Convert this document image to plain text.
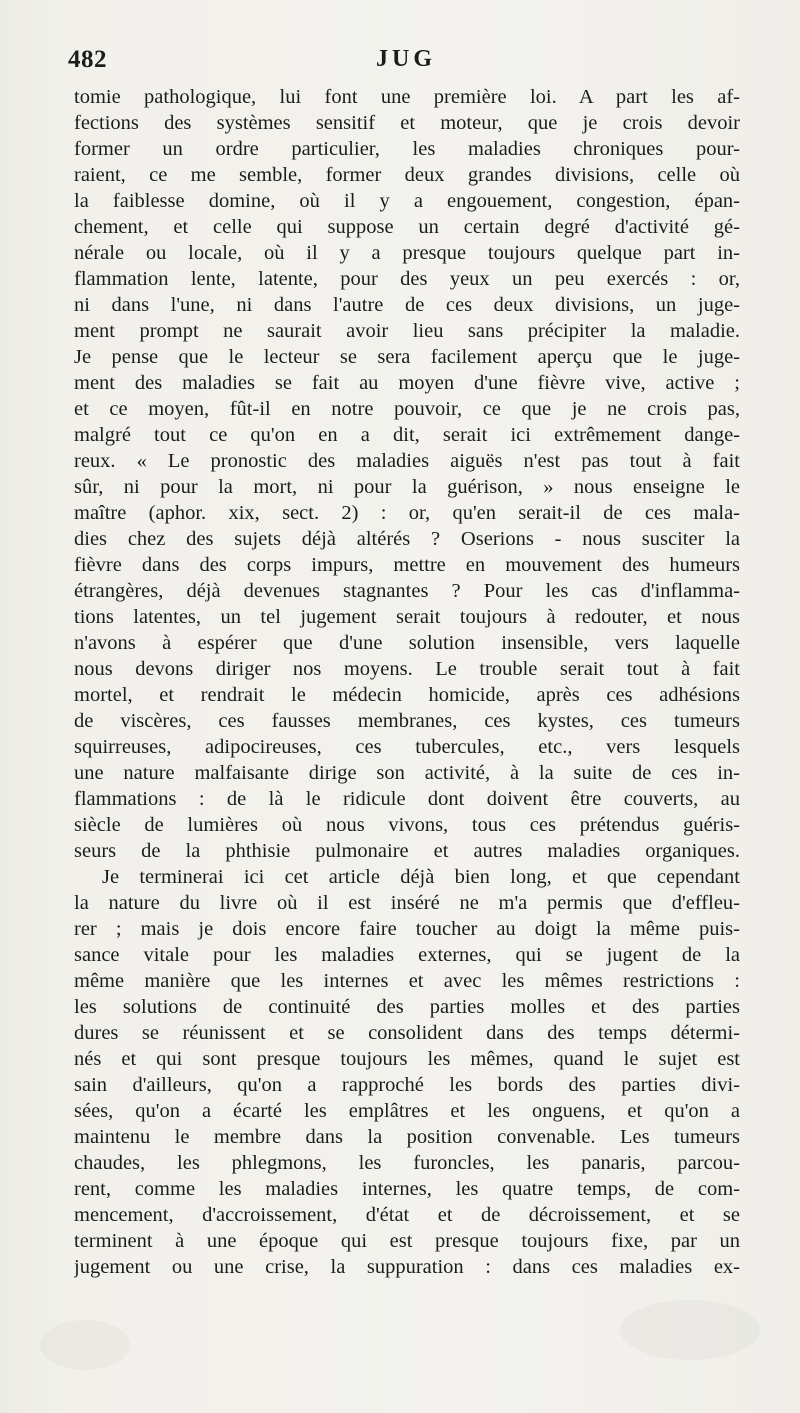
482	JUG
tomie pathologique, lui font une première loi. A part les af-
fections des systèmes sensitif et moteur, que je crois devoir
former un ordre particulier, les maladies chroniques pour-
raient, ce me semble, former deux grandes divisions, celle où
la faiblesse domine, où il y a engouement, congestion, épan-
chement, et celle qui suppose un certain degré d'activité gé-
nérale ou locale, où il y a presque toujours quelque part in-
flammation lente, latente, pour des yeux un peu exercés : or,
ni dans l'une, ni dans l'autre de ces deux divisions, un juge-
ment prompt ne saurait avoir lieu sans précipiter la maladie.
Je pense que le lecteur se sera facilement aperçu que le juge-
ment des maladies se fait au moyen d'une fièvre vive, active ;
et ce moyen, fût-il en notre pouvoir, ce que je ne crois pas,
malgré tout ce qu'on en a dit, serait ici extrêmement dange-
reux. « Le pronostic des maladies aiguës n'est pas tout à fait
sûr, ni pour la mort, ni pour la guérison, » nous enseigne le
maître (aphor. xix, sect. 2) : or, qu'en serait-il de ces mala-
dies chez des sujets déjà altérés ? Oserions - nous susciter la
fièvre dans des corps impurs, mettre en mouvement des humeurs
étrangères, déjà devenues stagnantes ? Pour les cas d'inflamma-
tions latentes, un tel jugement serait toujours à redouter, et nous
n'avons à espérer que d'une solution insensible, vers laquelle
nous devons diriger nos moyens. Le trouble serait tout à fait
mortel, et rendrait le médecin homicide, après ces adhésions
de viscères, ces fausses membranes, ces kystes, ces tumeurs
squirreuses, adipocireuses, ces tubercules, etc., vers lesquels
une nature malfaisante dirige son activité, à la suite de ces in-
flammations : de là le ridicule dont doivent être couverts, au
siècle de lumières où nous vivons, tous ces prétendus guéris-
seurs de la phthisie pulmonaire et autres maladies organiques.
Je terminerai ici cet article déjà bien long, et que cependant
la nature du livre où il est inséré ne m'a permis que d'effleu-
rer ; mais je dois encore faire toucher au doigt la même puis-
sance vitale pour les maladies externes, qui se jugent de la
même manière que les internes et avec les mêmes restrictions :
les solutions de continuité des parties molles et des parties
dures se réunissent et se consolident dans des temps détermi-
nés et qui sont presque toujours les mêmes, quand le sujet est
sain d'ailleurs, qu'on a rapproché les bords des parties divi-
sées, qu'on a écarté les emplâtres et les onguens, et qu'on a
maintenu le membre dans la position convenable. Les tumeurs
chaudes, les phlegmons, les furoncles, les panaris, parcou-
rent, comme les maladies internes, les quatre temps, de com-
mencement, d'accroissement, d'état et de décroissement, et se
terminent à une époque qui est presque toujours fixe, par un
jugement ou une crise, la suppuration : dans ces maladies ex-
